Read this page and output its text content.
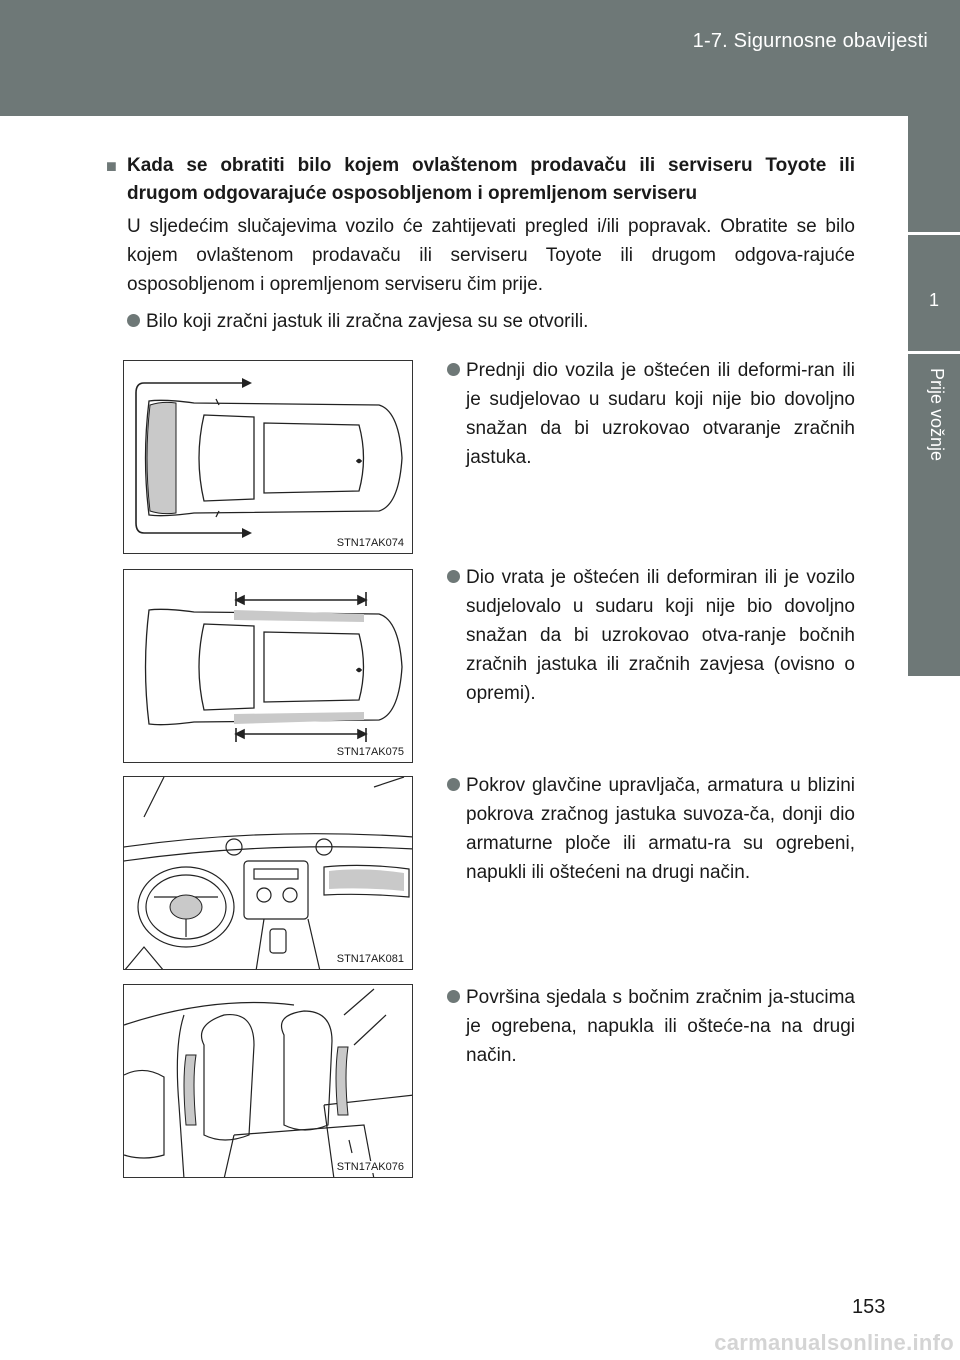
1-7. Sigurnosne obavijesti
1
Prije vožnje
■ Kada se obratiti bilo kojem ovlaštenom prodavaču ili serviseru Toyote ili drugom odgovarajuće osposobljenom i opremljenom serviseru
U sljedećim slučajevima vozilo će zahtijevati pregled i/ili popravak. Obratite se bilo kojem ovlaštenom prodavaču ili serviseru Toyote ili drugom odgova-rajuće osposobljenom i opremljenom serviseru čim prije.
Bilo koji zračni jastuk ili zračna zavjesa su se otvorili.
Prednji dio vozila je oštećen ili deformi-ran ili je sudjelovao u sudaru koji nije bio dovoljno snažan da bi uzrokovao otvaranje zračnih jastuka.
Dio vrata je oštećen ili deformiran ili je vozilo sudjelovalo u sudaru koji nije bio dovoljno snažan da bi uzrokovao otva-ranje bočnih zračnih jastuka ili zračnih zavjesa (ovisno o opremi).
Pokrov glavčine upravljača, armatura u blizini pokrova zračnog jastuka suvoza-ča, donji dio armaturne ploče ili armatu-ra su ogrebeni, napukli ili oštećeni na drugi način.
Površina sjedala s bočnim zračnim ja-stucima je ogrebena, napukla ili ošteće-na na drugi način.
STN17AK074
STN17AK075
STN17AK081
STN17AK076
153
carmanualsonline.info
